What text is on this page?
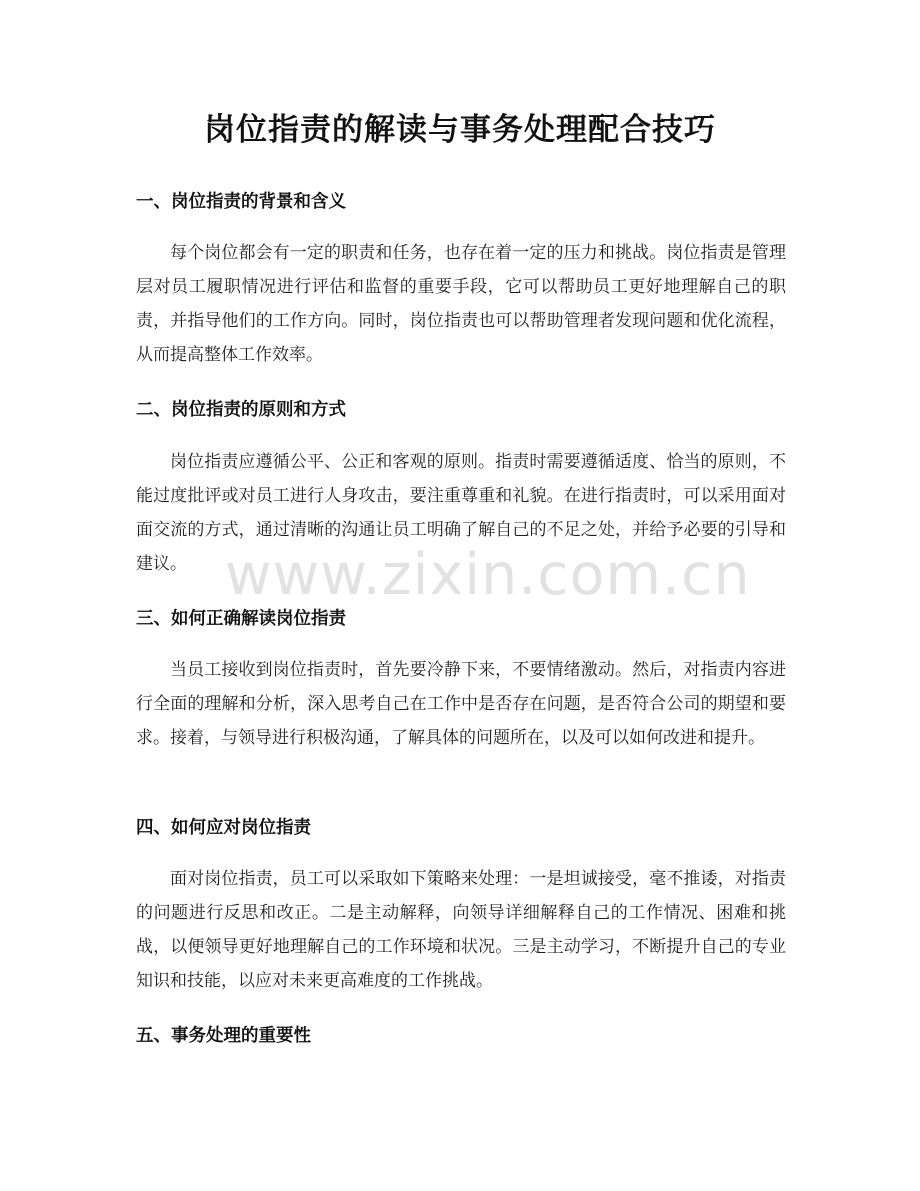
岗位指责的解读与事务处理配合技巧
一、岗位指责的背景和含义

每个岗位都会有一定的职责和任务，也存在着一定的压力和挑战。岗位指责是管理层对员工履职情况进行评估和监督的重要手段，它可以帮助员工更好地理解自己的职责，并指导他们的工作方向。同时，岗位指责也可以帮助管理者发现问题和优化流程，从而提高整体工作效率。

二、岗位指责的原则和方式

岗位指责应遵循公平、公正和客观的原则。指责时需要遵循适度、恰当的原则，不能过度批评或对员工进行人身攻击，要注重尊重和礼貌。在进行指责时，可以采用面对面交流的方式，通过清晰的沟通让员工明确了解自己的不足之处，并给予必要的引导和建议。

三、如何正确解读岗位指责

当员工接收到岗位指责时，首先要冷静下来，不要情绪激动。然后，对指责内容进行全面的理解和分析，深入思考自己在工作中是否存在问题，是否符合公司的期望和要求。接着，与领导进行积极沟通，了解具体的问题所在，以及可以如何改进和提升。

四、如何应对岗位指责

面对岗位指责，员工可以采取如下策略来处理：一是坦诚接受，毫不推诿，对指责的问题进行反思和改正。二是主动解释，向领导详细解释自己的工作情况、困难和挑战，以便领导更好地理解自己的工作环境和状况。三是主动学习，不断提升自己的专业知识和技能，以应对未来更高难度的工作挑战。

五、事务处理的重要性
www.zixin.com.cn
